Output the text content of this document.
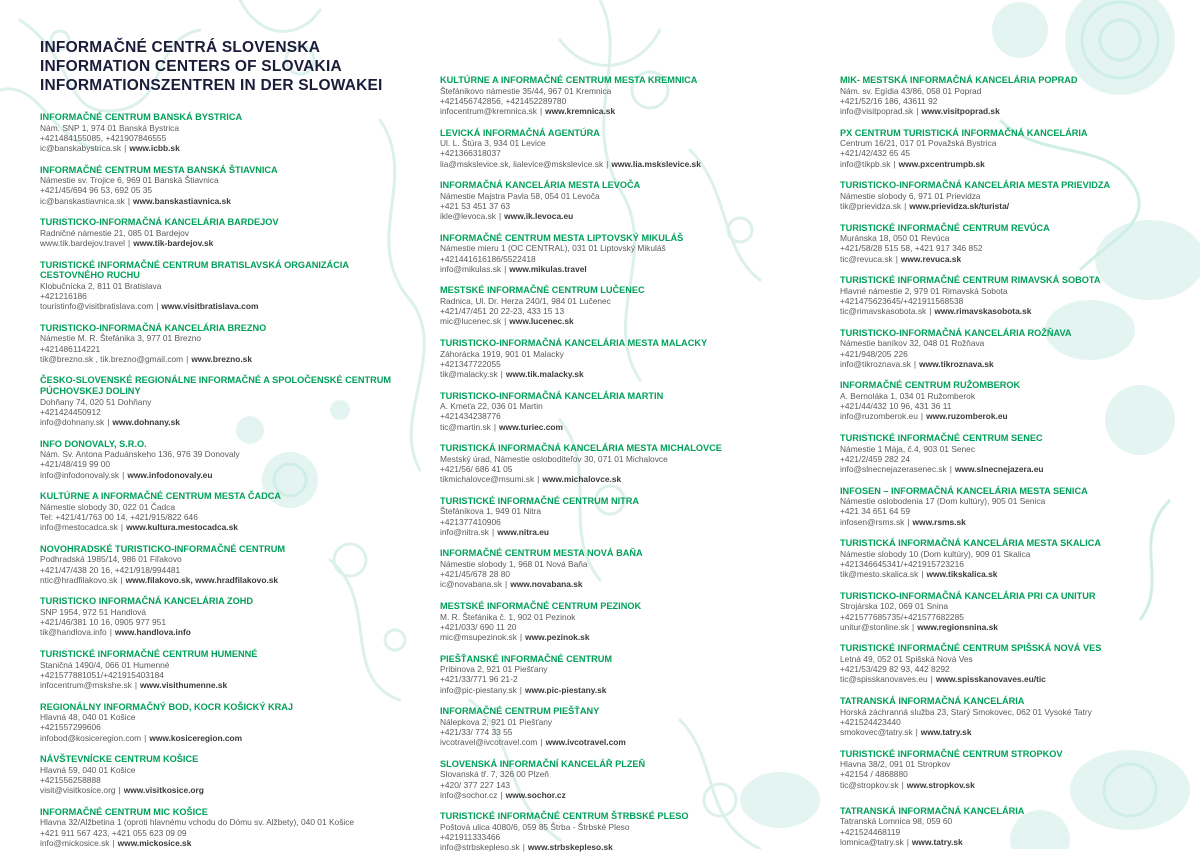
INFORMAČNÉ CENTRÁ SLOVENSKA
INFORMATION CENTERS OF SLOVAKIA
INFORMATIONSZENTREN IN DER SLOWAKEI
INFORMAČNÉ CENTRUM BANSKÁ BYSTRICA
Nám. SNP 1, 974 01 Banská Bystrica
+421484155085, +421907846555
ic@banskabystrica.sk | www.icbb.sk
INFORMAČNÉ CENTRUM MESTA BANSKÁ ŠTIAVNICA
Námestie sv. Trojice 6, 969 01 Banská Štiavnica
+421/45/694 96 53, 692 05 35
ic@banskastiavnica.sk | www.banskastiavnica.sk
TURISTICKO-INFORMAČNÁ KANCELÁRIA BARDEJOV
Radničné námestie 21, 085 01 Bardejov
www.tik.bardejov.travel | www.tik-bardejov.sk
TURISTICKÉ INFORMAČNÉ CENTRUM BRATISLAVSKÁ ORGANIZÁCIA CESTOVNÉHO RUCHU
Klobučnícka 2, 811 01 Bratislava
+421216186
touristinfo@visitbratislava.com | www.visitbratislava.com
TURISTICKO-INFORMAČNÁ KANCELÁRIA BREZNO
Námestie M. R. Štefánika 3, 977 01 Brezno
+421486114221
tik@brezno.sk , tik.brezno@gmail.com | www.brezno.sk
ČESKO-SLOVENSKÉ REGIONÁLNE INFORMAČNÉ A SPOLOČENSKÉ CENTRUM PÚCHOVSKEJ DOLINY
Dohňany 74, 020 51 Dohňany
+421424450912
info@dohnany.sk | www.dohnany.sk
INFO DONOVALY, S.R.O.
Nám. Sv. Antona Paduánskeho 136, 976 39 Donovaly
+421/48/419 99 00
info@infodonovaly.sk | www.infodonovaly.eu
KULTÚRNE A INFORMAČNÉ CENTRUM MESTA ČADCA
Námestie slobody 30, 022 01 Čadca
Tel: +421/41/763 00 14, +421/915/822 646
info@mestocadca.sk | www.kultura.mestocadca.sk
NOVOHRADSKÉ TURISTICKO-INFORMAČNÉ CENTRUM
Podhradská 1985/14, 986 01 Fiľakovo
+421/47/438 20 16, +421/918/994481
ntic@hradfilakovo.sk | www.filakovo.sk, www.hradfilakovo.sk
TURISTICKO INFORMAČNÁ KANCELÁRIA ZOHD
SNP 1954, 972 51 Handlová
+421/46/381 10 16, 0905 977 951
tik@handlova.info | www.handlova.info
TURISTICKÉ INFORMAČNÉ CENTRUM HUMENNÉ
Staničná 1490/4, 066 01 Humenné
+421577881051/+421915403184
infocentrum@mskshe.sk | www.visithumenne.sk
REGIONÁLNY INFORMAČNÝ BOD, KOCR KOŠICKÝ KRAJ
Hlavná 48, 040 01 Košice
+421557299606
infobod@kosiceregion.com | www.kosiceregion.com
NÁVŠTEVNÍCKE CENTRUM KOŠICE
Hlavná 59, 040 01 Košice
+421556258888
visit@visitkosice.org | www.visitkosice.org
INFORMAČNÉ CENTRUM MIC KOŠICE
Hlavna 32/Alžbetina 1 (oproti hlavnému vchodu do Dómu sv. Alžbety), 040 01 Košice
+421 911 567 423, +421 055 623 09 09
info@mickosice.sk | www.mickosice.sk
KULTÚRNE A INFORMAČNÉ CENTRUM MESTA KREMNICA
Štefánikovo námestie 35/44, 967 01 Kremnica
+421456742856, +421452289780
infocentrum@kremnica.sk | www.kremnica.sk
LEVICKÁ INFORMAČNÁ AGENTÚRA
Ul. L. Štúra 3, 934 01 Levice
+421366318037
lia@mskslevice.sk, lialevice@mskslevice.sk | www.lia.mskslevice.sk
INFORMAČNÁ KANCELÁRIA MESTA LEVOČA
Námestie Majstra Pavla 58, 054 01 Levoča
+421 53 451 37 63
ikle@levoca.sk | www.ik.levoca.eu
INFORMAČNÉ CENTRUM MESTA LIPTOVSKÝ MIKULÁŠ
Námestie mieru 1 (OC CENTRAL), 031 01 Liptovský Mikuláš
+421441616186/5522418
info@mikulas.sk | www.mikulas.travel
MESTSKÉ INFORMAČNÉ CENTRUM LUČENEC
Radnica, Ul. Dr. Herza 240/1, 984 01 Lučenec
+421/47/451 20 22-23, 433 15 13
mic@lucenec.sk | www.lucenec.sk
TURISTICKO-INFORMAČNÁ KANCELÁRIA MESTA MALACKY
Záhorácka 1919, 901 01 Malacky
+421347722055
tik@malacky.sk | www.tik.malacky.sk
TURISTICKO-INFORMAČNÁ KANCELÁRIA MARTIN
A. Kmeťa 22, 036 01 Martin
+421434238776
tic@martin.sk | www.turiec.com
TURISTICKÁ INFORMAČNÁ KANCELÁRIA MESTA MICHALOVCE
Mestský úrad, Námestie osloboditeľov 30, 071 01 Michalovce
+421/56/ 686 41 05
tikmichalovce@msumi.sk | www.michalovce.sk
TURISTICKÉ INFORMAČNÉ CENTRUM NITRA
Štefánikova 1, 949 01 Nitra
+421377410906
info@nitra.sk | www.nitra.eu
INFORMAČNÉ CENTRUM MESTA NOVÁ BAŇA
Námestie slobody 1, 968 01 Nová Baňa
+421/45/678 28 80
ic@novabana.sk | www.novabana.sk
MESTSKÉ INFORMAČNÉ CENTRUM PEZINOK
M. R. Štefánika č. 1, 902 01 Pezinok
+421/033/ 690 11 20
mic@msupezinok.sk | www.pezinok.sk
PIEŠŤANSKÉ INFORMAČNÉ CENTRUM
Pribinova 2, 921 01 Piešťany
+421/33/771 96 21-2
info@pic-piestany.sk | www.pic-piestany.sk
INFORMAČNÉ CENTRUM PIEŠŤANY
Nálepkova 2, 921 01 Piešťany
+421/33/ 774 33 55
ivcotravel@ivcotravel.com | www.ivcotravel.com
SLOVENSKÁ INFORMAČNÍ KANCELÁŘ PLZEŇ
Slovanská tř. 7, 326 00 Plzeň
+420/ 377 227 143
info@sochor.cz | www.sochor.cz
TURISTICKÉ INFORMAČNÉ CENTRUM ŠTRBSKÉ PLESO
Poštová ulica 4080/6, 059 85 Štrba - Štrbské Pleso
+421911333466
info@strbskepleso.sk | www.strbskepleso.sk
MIK- MESTSKÁ INFORMAČNÁ KANCELÁRIA POPRAD
Nám. sv. Egídia 43/86, 058 01 Poprad
+421/52/16 186, 43611 92
info@visitpoprad.sk | www.visitpoprad.sk
PX CENTRUM TURISTICKÁ INFORMAČNÁ KANCELÁRIA
Centrum 16/21, 017 01 Považská Bystrica
+421/42/432 65 45
info@tikpb.sk | www.pxcentrumpb.sk
TURISTICKO-INFORMAČNÁ KANCELÁRIA MESTA PRIEVIDZA
Námestie slobody 6, 971 01 Prievidza
tik@prievidza.sk | www.prievidza.sk/turista/
TURISTICKÉ INFORMAČNÉ CENTRUM REVÚCA
Muránska 18, 050 01 Revúca
+421/58/28 515 58, +421 917 346 852
tic@revuca.sk | www.revuca.sk
TURISTICKÉ INFORMAČNÉ CENTRUM RIMAVSKÁ SOBOTA
Hlavné námestie 2, 979 01 Rimavská Sobota
+421475623645/+421911568538
tic@rimavskasobota.sk | www.rimavskasobota.sk
TURISTICKO-INFORMAČNÁ KANCELÁRIA ROŽŇAVA
Námestie baníkov 32, 048 01 Rožňava
+421/948/205 226
info@tikroznava.sk | www.tikroznava.sk
INFORMAČNÉ CENTRUM RUŽOMBEROK
A. Bernoláka 1, 034 01 Ružomberok
+421/44/432 10 96, 431 36 11
info@ruzomberok.eu | www.ruzomberok.eu
TURISTICKÉ INFORMAČNÉ CENTRUM SENEC
Námestie 1 Mája, č.4, 903 01 Senec
+421/2/459 282 24
info@slnecnejazerasenec.sk | www.slnecnejazera.eu
INFOSEN – INFORMAČNÁ KANCELÁRIA MESTA SENICA
Námestie oslobodenia 17 (Dom kultúry), 905 01 Senica
+421 34 651 64 59
infosen@rsms.sk | www.rsms.sk
TURISTICKÁ INFORMAČNÁ KANCELÁRIA MESTA SKALICA
Námestie slobody 10 (Dom kultúry), 909 01 Skalica
+421346645341/+421915723216
tik@mesto.skalica.sk | www.tikskalica.sk
TURISTICKO-INFORMAČNÁ KANCELÁRIA PRI CA UNITUR
Strojárska 102, 069 01 Snina
+421577685735/+421577682285
unitur@stonline.sk | www.regionsnina.sk
TURISTICKÉ INFORMAČNÉ CENTRUM SPIŠSKÁ NOVÁ VES
Letná 49, 052 01 Spišská Nová Ves
+421/53/429 82 93, 442 8292
tic@spisskanovaves.eu | www.spisskanovaves.eu/tic
TATRANSKÁ INFORMAČNÁ KANCELÁRIA
Horská záchranná služba 23, Starý Smokovec, 062 01 Vysoké Tatry
+421524423440
smokovec@tatry.sk | www.tatry.sk
TURISTICKÉ INFORMAČNÉ CENTRUM STROPKOV
Hlavna 38/2, 091 01 Stropkov
+42154 / 4868880
tic@stropkov.sk | www.stropkov.sk
TATRANSKÁ INFORMAČNÁ KANCELÁRIA
Tatranská Lomnica 98, 059 60
+421524468119
lomnica@tatry.sk | www.tatry.sk
